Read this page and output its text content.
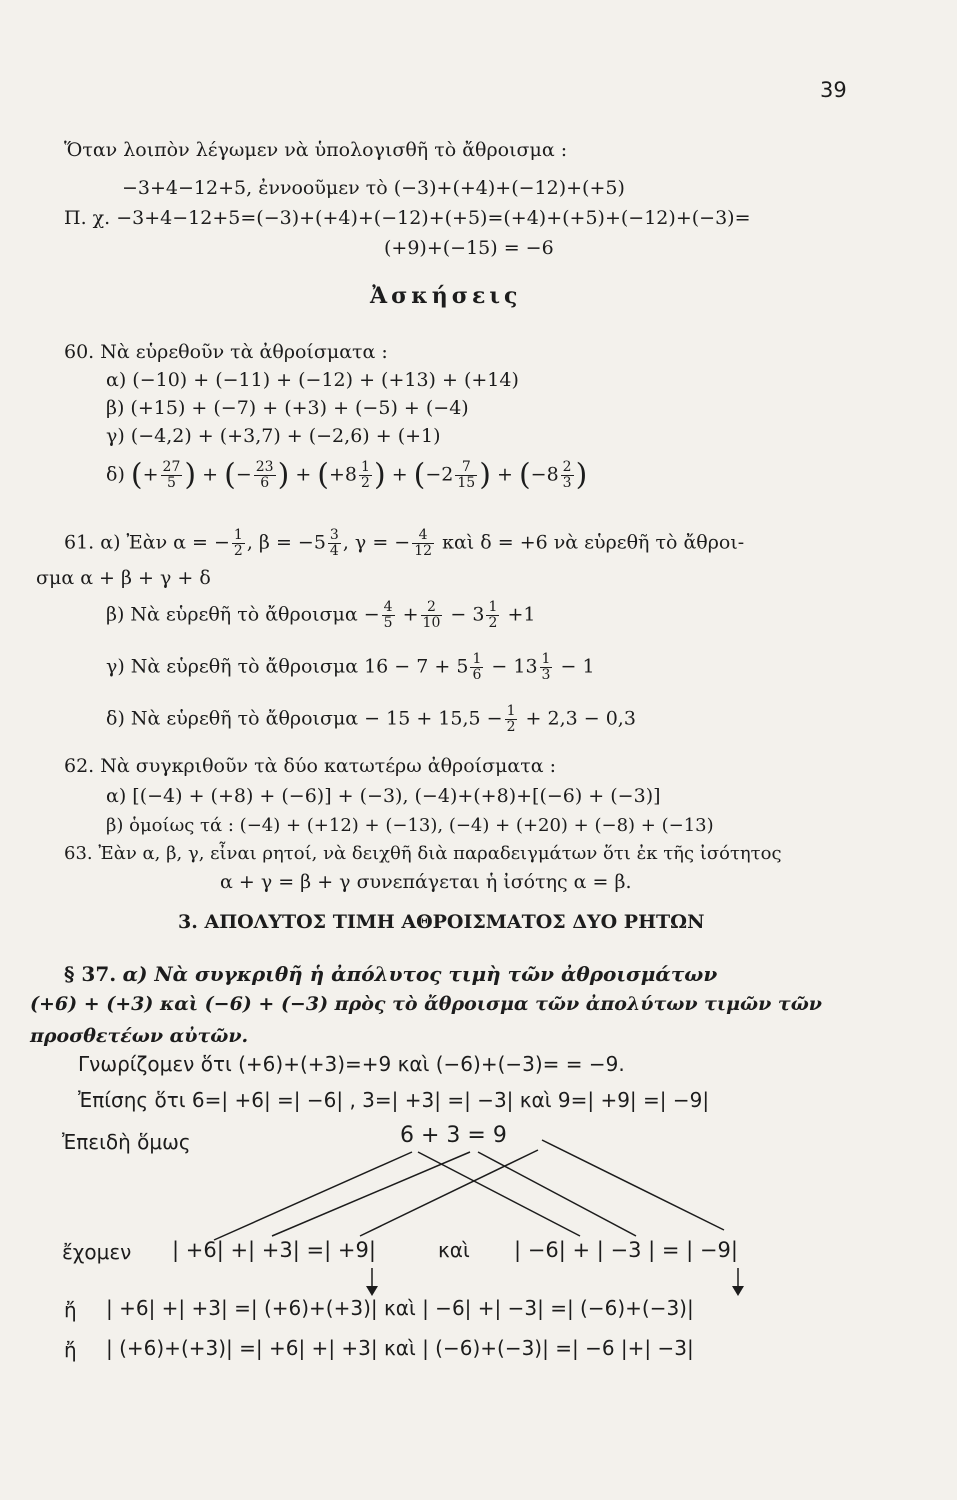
39
Ὅταν λοιπὸν λέγωμεν νὰ ὑπολογισθῆ τὸ ἄθροισμα :
−3+4−12+5, ἐννοοῦμεν τὸ (−3)+(+4)+(−12)+(+5)
Π. χ. −3+4−12+5=(−3)+(+4)+(−12)+(+5)=(+4)+(+5)+(−12)+(−3)=
(+9)+(−15) = −6
Ἀσκήσεις
60. Νὰ εὑρεθοῦν τὰ ἀθροίσματα :
α) (−10) + (−11) + (−12) + (+13) + (+14)
β) (+15) + (−7) + (+3) + (−5) + (−4)
γ) (−4,2) + (+3,7) + (−2,6) + (+1)
δ) (+ $\frac{27}{5}$ ) + (− $\frac{23}{6}$ ) + ($+8 \frac{1}{2}$ ) + ($-2 \frac{7}{15}$ ) + ($-8 \frac{2}{3}$ )
61. α) Ἐὰν α = − $\frac{1}{2}$ , $\beta = -5 \frac{3}{4}$ , γ = − $\frac{4}{12}$ καὶ δ = +6 νὰ εὑρεθῆ τὸ ἄθροι-
σμα α + β + γ + δ
β) Νὰ εὑρεθῆ τὸ ἄθροισμα − $\frac{4}{5} + \frac{2}{10} - 3 \frac{1}{2} +1$
γ) Νὰ εὑρεθῆ τὸ ἄθροισμα $16 - 7 + 5 \frac{1}{6} - 13 \frac{1}{3} - 1$
δ) Νὰ εὑρεθῆ τὸ ἄθροισμα − $15 + 15,5 - \frac{1}{2} + 2,3 - 0,3$
62. Νὰ συγκριθοῦν τὰ δύο κατωτέρω ἀθροίσματα :
α) [(−4) + (+8) + (−6)] + (−3), (−4)+(+8)+[(−6) + (−3)]
β) ὁμοίως τά : (−4) + (+12) + (−13), (−4) + (+20) + (−8) + (−13)
63. Ἐὰν α, β, γ, εἶναι ρητοί, νὰ δειχθῆ διὰ παραδειγμάτων ὅτι ἐκ τῆς ἰσότητος
α + γ = β + γ συνεπάγεται ἡ ἰσότης α = β.
3. ΑΠΟΛΥΤΟΣ ΤΙΜΗ ΑΘΡΟΙΣΜΑΤΟΣ ΔΥΟ ΡΗΤΩΝ
§ 37. α) Νὰ συγκριθῆ ἡ ἀπόλυτος τιμὴ τῶν ἀθροισμάτων
(+6) + (+3) καὶ (−6) + (−3) πρὸς τὸ ἄθροισμα τῶν ἀπολύτων τιμῶν τῶν
προσθετέων αὐτῶν.
Γνωρίζομεν ὅτι (+6)+(+3)=+9 καὶ (−6)+(−3)= = −9.
Ἐπίσης ὅτι 6=| +6| =| −6| , 3=| +3| =| −3| καὶ 9=| +9| =| −9|
Ἐπειδὴ ὅμως	6 + 3 = 9
ἔχομεν | +6| +| +3| =| +9|	καὶ | −6| + | −3 | = | −9|
ἤ | +6| +| +3| =| (+6)+(+3)| καὶ | −6| +| −3| =| (−6)+(−3)|
ἤ | (+6)+(+3)| =| +6| +| +3| καὶ | (−6)+(−3)| =| −6 |+| −3|
